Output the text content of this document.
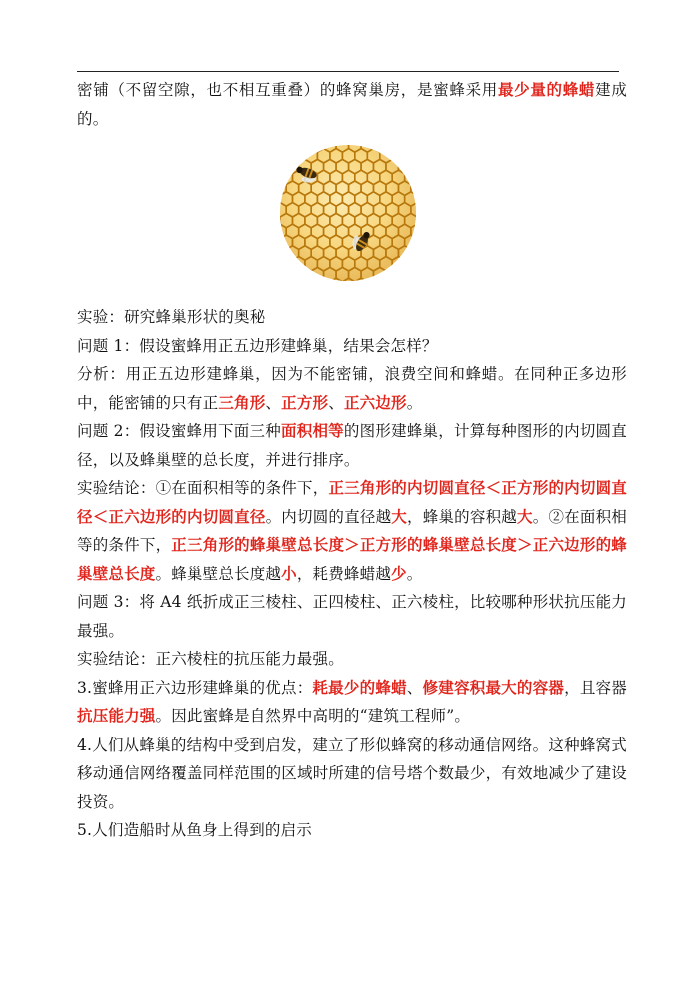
密铺（不留空隙，也不相互重叠）的蜂窝巢房，是蜜蜂采用最少量的蜂蜡建成的。

实验：研究蜂巢形状的奥秘

问题 1：假设蜜蜂用正五边形建蜂巢，结果会怎样？

分析：用正五边形建蜂巢，因为不能密铺，浪费空间和蜂蜡。在同种正多边形中，能密铺的只有正三角形、正方形、正六边形。

问题 2：假设蜜蜂用下面三种面积相等的图形建蜂巢，计算每种图形的内切圆直径，以及蜂巢壁的总长度，并进行排序。

实验结论：①在面积相等的条件下，正三角形的内切圆直径＜正方形的内切圆直径＜正六边形的内切圆直径。内切圆的直径越大，蜂巢的容积越大。②在面积相等的条件下，正三角形的蜂巢壁总长度＞正方形的蜂巢壁总长度＞正六边形的蜂巢壁总长度。蜂巢壁总长度越小，耗费蜂蜡越少。

问题 3：将 A4 纸折成正三棱柱、正四棱柱、正六棱柱，比较哪种形状抗压能力最强。

实验结论：正六棱柱的抗压能力最强。

3.蜜蜂用正六边形建蜂巢的优点：耗最少的蜂蜡、修建容积最大的容器，且容器抗压能力强。因此蜜蜂是自然界中高明的“建筑工程师”。

4.人们从蜂巢的结构中受到启发，建立了形似蜂窝的移动通信网络。这种蜂窝式移动通信网络覆盖同样范围的区域时所建的信号塔个数最少，有效地减少了建设投资。

5.人们造船时从鱼身上得到的启示
